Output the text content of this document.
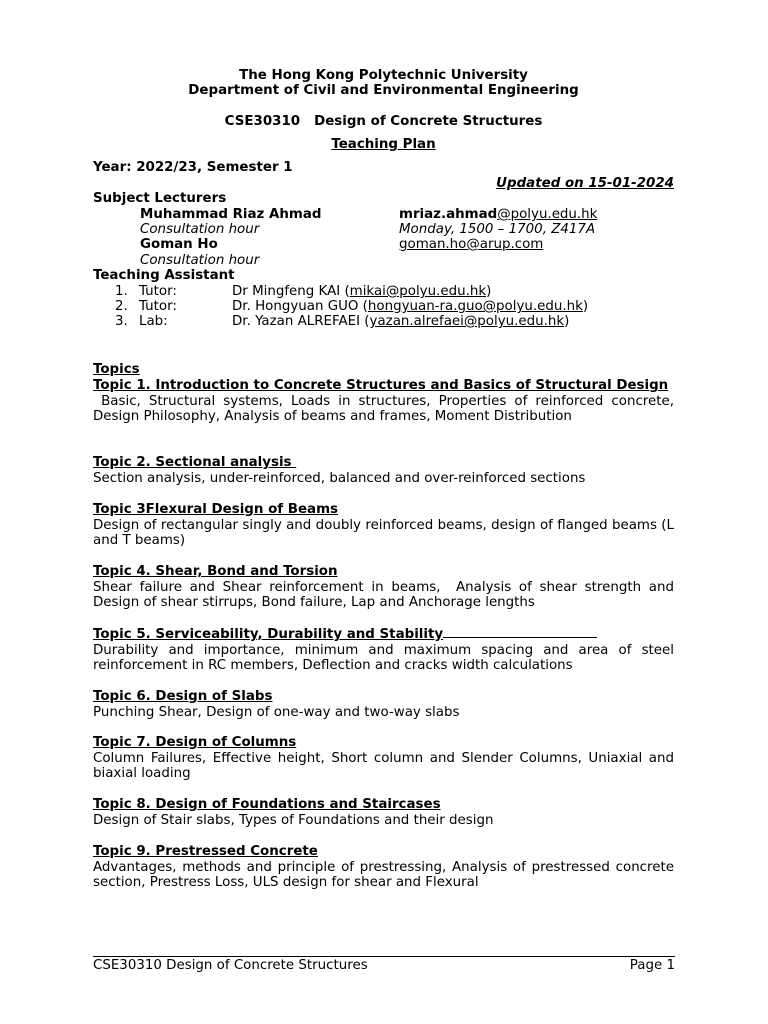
The Hong Kong Polytechnic University
Department of Civil and Environmental Engineering
CSE30310   Design of Concrete Structures
Teaching Plan
Year: 2022/23, Semester 1
Updated on 15-01-2024
Subject Lecturers
Muhammad Riaz Ahmad	mriaz.ahmad@polyu.edu.hk
Consultation hour	Monday, 1500 – 1700, Z417A
Goman Ho	goman.ho@arup.com
Consultation hour
Teaching Assistant
1. Tutor:	Dr Mingfeng KAI (mikai@polyu.edu.hk)
2. Tutor:	Dr. Hongyuan GUO (hongyuan-ra.guo@polyu.edu.hk)
3. Lab:	Dr. Yazan ALREFAEI (yazan.alrefaei@polyu.edu.hk)
Topics
Topic 1. Introduction to Concrete Structures and Basics of Structural Design
Basic, Structural systems, Loads in structures, Properties of reinforced concrete, Design Philosophy, Analysis of beams and frames, Moment Distribution
Topic 2. Sectional analysis
Section analysis, under-reinforced, balanced and over-reinforced sections
Topic 3Flexural Design of Beams
Design of rectangular singly and doubly reinforced beams, design of flanged beams (L and T beams)
Topic 4. Shear, Bond and Torsion
Shear failure and Shear reinforcement in beams,  Analysis of shear strength and Design of shear stirrups, Bond failure, Lap and Anchorage lengths
Topic 5. Serviceability, Durability and Stability
Durability and importance, minimum and maximum spacing and area of steel reinforcement in RC members, Deflection and cracks width calculations
Topic 6. Design of Slabs
Punching Shear, Design of one-way and two-way slabs
Topic 7. Design of Columns
Column Failures, Effective height, Short column and Slender Columns, Uniaxial and biaxial loading
Topic 8. Design of Foundations and Staircases
Design of Stair slabs, Types of Foundations and their design
Topic 9. Prestressed Concrete
Advantages, methods and principle of prestressing, Analysis of prestressed concrete section, Prestress Loss, ULS design for shear and Flexural
CSE30310 Design of Concrete Structures	Page 1
